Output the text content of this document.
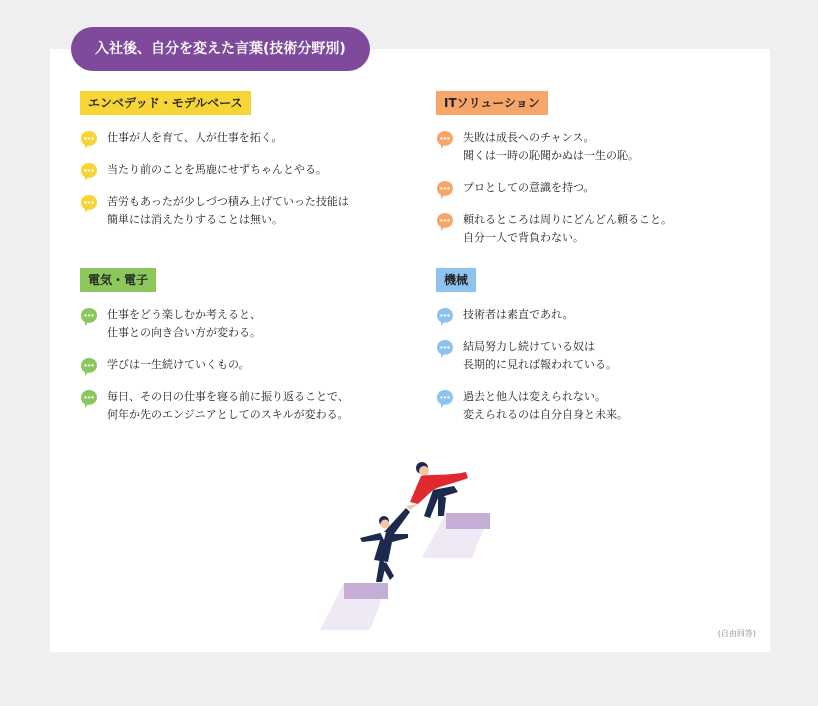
入社後、自分を変えた言葉(技術分野別)
エンベデッド・モデルベース
仕事が人を育て、人が仕事を拓く。
当たり前のことを馬鹿にせずちゃんとやる。
苦労もあったが少しづつ積み上げていった技能は
簡単には消えたりすることは無い。
ITソリューション
失敗は成長へのチャンス。
聞くは一時の恥聞かぬは一生の恥。
プロとしての意識を持つ。
頼れるところは周りにどんどん頼ること。
自分一人で背負わない。
電気・電子
仕事をどう楽しむか考えると、
仕事との向き合い方が変わる。
学びは一生続けていくもの。
毎日、その日の仕事を寝る前に振り返ることで、
何年か先のエンジニアとしてのスキルが変わる。
機械
技術者は素直であれ。
結局努力し続けている奴は
長期的に見れば報われている。
過去と他人は変えられない。
変えられるのは自分自身と未来。
(自由回答)
